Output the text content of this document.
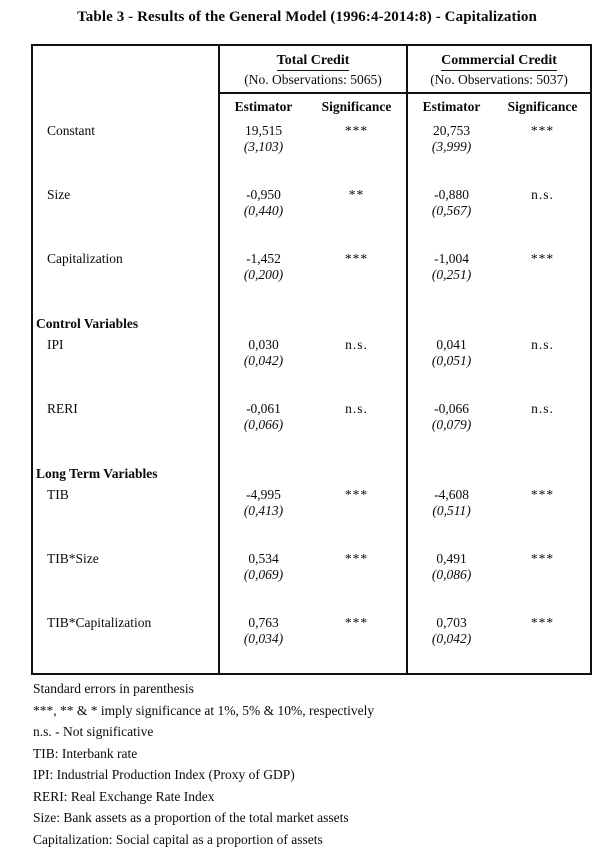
Table 3 - Results of the General Model (1996:4-2014:8) - Capitalization
	Total Credit		Commercial Credit	
	(No. Observations: 5065)		(No. Observations: 5037)	
	Estimator	Significance	Estimator	Significance
Constant	19,515	***	20,753	***
	(3,103)		(3,999)	

Size	-0,950	**	-0,880	n.s.
	(0,440)		(0,567)	

Capitalization	-1,452	***	-1,004	***
	(0,200)		(0,251)	

Control Variables				
IPI	0,030	n.s.	0,041	n.s.
	(0,042)		(0,051)	

RERI	-0,061	n.s.	-0,066	n.s.
	(0,066)		(0,079)	

Long Term Variables				
TIB	-4,995	***	-4,608	***
	(0,413)		(0,511)	

TIB*Size	0,534	***	0,491	***
	(0,069)		(0,086)	

TIB*Capitalization	0,763	***	0,703	***
	(0,034)		(0,042)	

Standard errors in parenthesis
***, ** & * imply significance at 1%, 5% & 10%, respectively
n.s. - Not significative
TIB: Interbank rate
IPI: Industrial Production Index (Proxy of GDP)
RERI: Real Exchange Rate Index
Size: Bank assets as a proportion of the total market assets
Capitalization: Social capital as a proportion of assets
